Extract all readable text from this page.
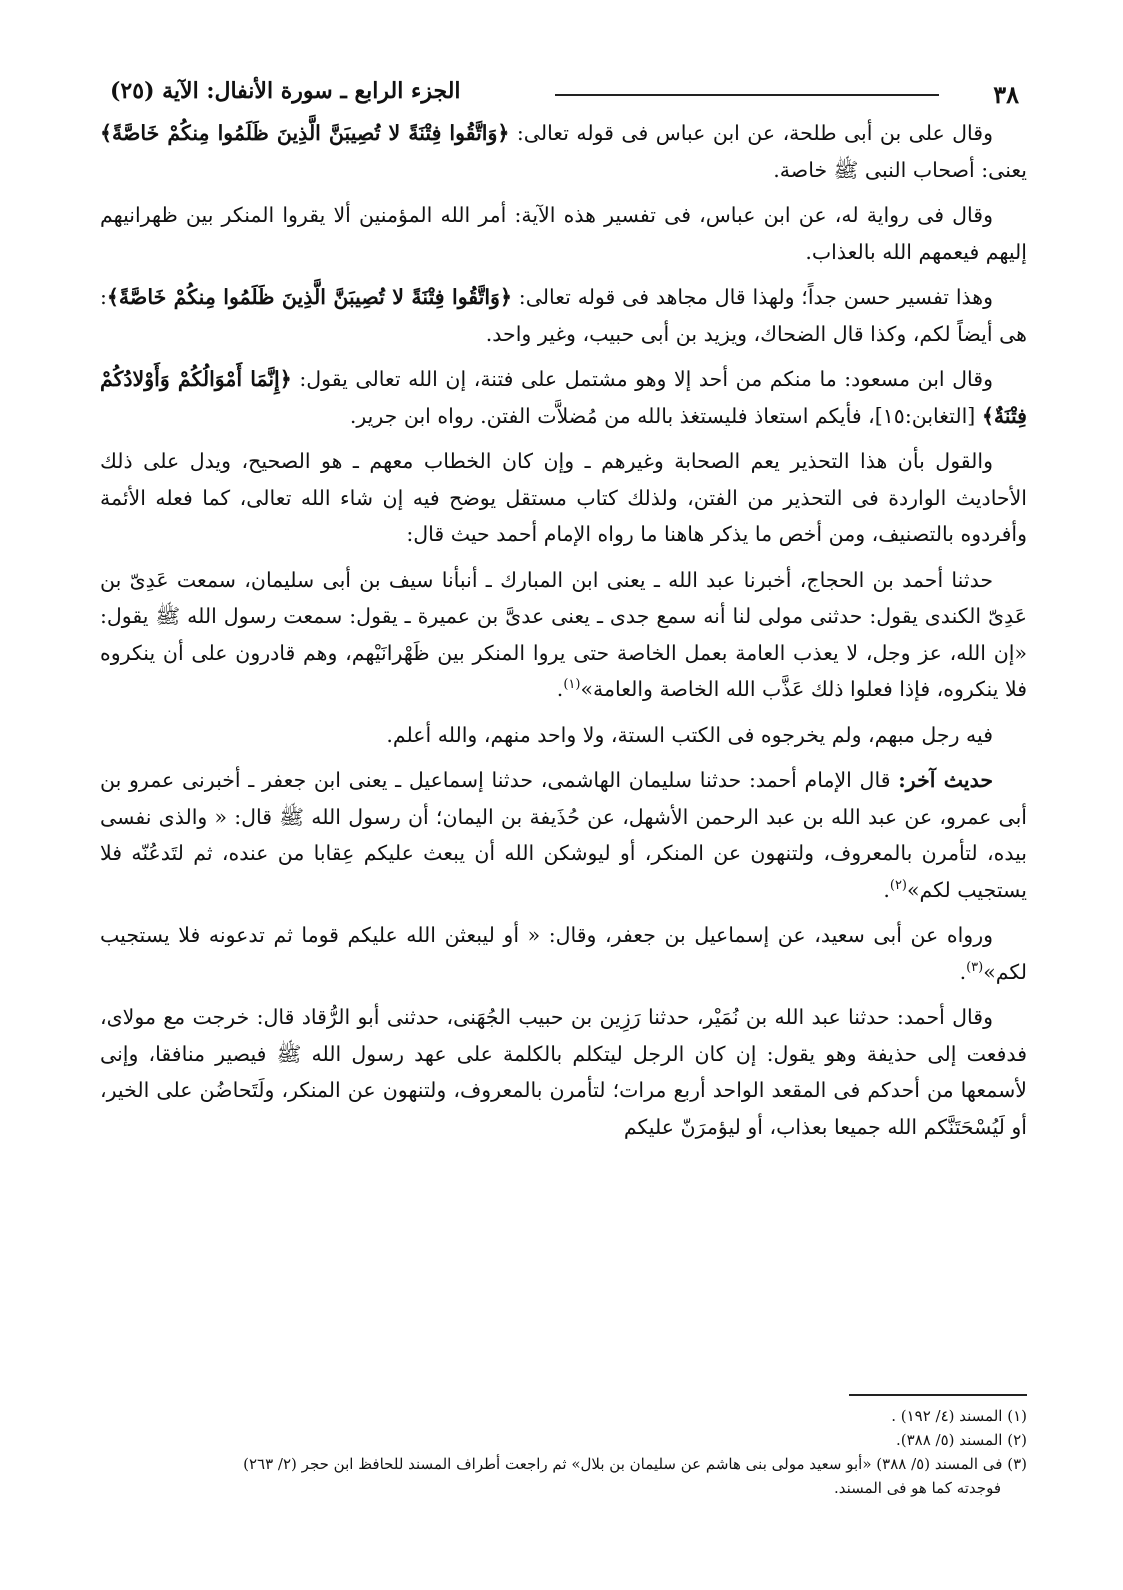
٣٨
الجزء الرابع ـ سورة الأنفال: الآية (٢٥)

وقال على بن أبى طلحة، عن ابن عباس فى قوله تعالى: ﴿وَاتَّقُوا فِتْنَةً لا تُصِيبَنَّ الَّذِينَ ظَلَمُوا مِنكُمْ خَاصَّةً﴾ يعنى: أصحاب النبى ﷺ خاصة.

وقال فى رواية له، عن ابن عباس، فى تفسير هذه الآية: أمر الله المؤمنين ألا يقروا المنكر بين ظهرانيهم إليهم فيعمهم الله بالعذاب.

وهذا تفسير حسن جداً؛ ولهذا قال مجاهد فى قوله تعالى: ﴿وَاتَّقُوا فِتْنَةً لا تُصِيبَنَّ الَّذِينَ ظَلَمُوا مِنكُمْ خَاصَّةً﴾: هى أيضاً لكم، وكذا قال الضحاك، ويزيد بن أبى حبيب، وغير واحد.

وقال ابن مسعود: ما منكم من أحد إلا وهو مشتمل على فتنة، إن الله تعالى يقول: ﴿إِنَّمَا أَمْوَالُكُمْ وَأَوْلادُكُمْ فِتْنَةٌ﴾ [التغابن:١٥]، فأيكم استعاذ فليستغذ بالله من مُضلاَّت الفتن. رواه ابن جرير.

والقول بأن هذا التحذير يعم الصحابة وغيرهم ـ وإن كان الخطاب معهم ـ هو الصحيح، ويدل على ذلك الأحاديث الواردة فى التحذير من الفتن، ولذلك كتاب مستقل يوضح فيه إن شاء الله تعالى، كما فعله الأئمة وأفردوه بالتصنيف، ومن أخص ما يذكر هاهنا ما رواه الإمام أحمد حيث قال:

حدثنا أحمد بن الحجاج، أخبرنا عبد الله ـ يعنى ابن المبارك ـ أنبأنا سيف بن أبى سليمان، سمعت عَدِىّ بن عَدِىّ الكندى يقول: حدثنى مولى لنا أنه سمع جدى ـ يعنى عدىَّ بن عميرة ـ يقول: سمعت رسول الله ﷺ يقول: «إن الله، عز وجل، لا يعذب العامة بعمل الخاصة حتى يروا المنكر بين ظَهْرانَيْهم، وهم قادرون على أن ينكروه فلا ينكروه، فإذا فعلوا ذلك عَذَّب الله الخاصة والعامة»$^{(١)}$.

فيه رجل مبهم، ولم يخرجوه فى الكتب الستة، ولا واحد منهم، والله أعلم.

حديث آخر: قال الإمام أحمد: حدثنا سليمان الهاشمى، حدثنا إسماعيل ـ يعنى ابن جعفر ـ أخبرنى عمرو بن أبى عمرو، عن عبد الله بن عبد الرحمن الأشهل، عن حُذَيفة بن اليمان؛ أن رسول الله ﷺ قال: « والذى نفسى بيده، لتأمرن بالمعروف، ولتنهون عن المنكر، أو ليوشكن الله أن يبعث عليكم عِقابا من عنده، ثم لتَدعُنّه فلا يستجيب لكم»$^{(٢)}$.

ورواه عن أبى سعيد، عن إسماعيل بن جعفر، وقال: « أو ليبعثن الله عليكم قوما ثم تدعونه فلا يستجيب لكم»$^{(٣)}$.

وقال أحمد: حدثنا عبد الله بن نُمَيْر، حدثنا رَزِين بن حبيب الجُهَنى، حدثنى أبو الرُّقاد قال: خرجت مع مولاى، فدفعت إلى حذيفة وهو يقول: إن كان الرجل ليتكلم بالكلمة على عهد رسول الله ﷺ فيصير منافقا، وإنى لأسمعها من أحدكم فى المقعد الواحد أربع مرات؛ لتأمرن بالمعروف، ولتنهون عن المنكر، ولَتَحاضُن على الخير، أو لَيُسْحَتَنَّكم الله جميعا بعذاب، أو ليؤمرَنّ عليكم

(١) المسند (٤/ ١٩٢) .

(٢) المسند (٥/ ٣٨٨).

(٣) فى المسند (٥/ ٣٨٨) «أبو سعيد مولى بنى هاشم عن سليمان بن بلال» ثم راجعت أطراف المسند للحافظ ابن حجر (٢/ ٢٦٣)

فوجدته كما هو فى المسند.
